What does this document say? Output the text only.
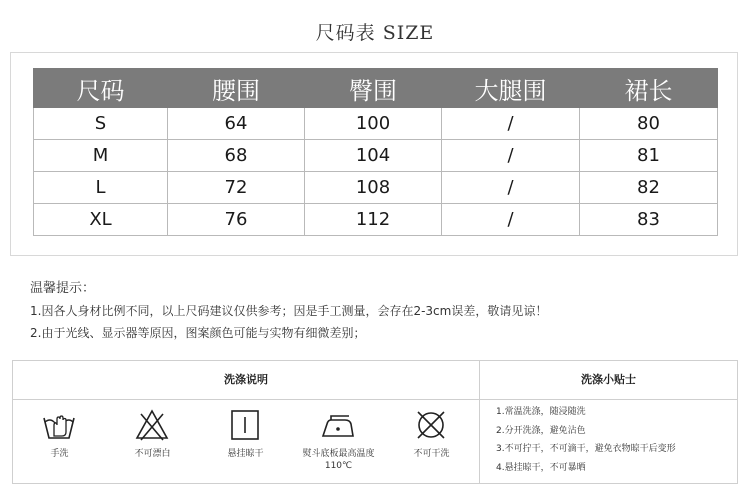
尺码表 SIZE
尺码	腰围	臀围	大腿围	裙长
S	64	100	/	80
M	68	104	/	81
L	72	108	/	82
XL	76	112	/	83
温馨提示：
1.因各人身材比例不同，以上尺码建议仅供参考；因是手工测量，会存在2-3cm误差，敬请见谅！
2.由于光线、显示器等原因，图案颜色可能与实物有细微差别；
洗涤说明	洗涤小贴士
手洗	不可漂白	悬挂晾干	熨斗底板最高温度110℃
不可干洗
1.常温洗涤，随浸随洗
2.分开洗涤，避免沾色
3.不可拧干，不可滴干，避免衣物晾干后变形
4.悬挂晾干，不可暴晒
